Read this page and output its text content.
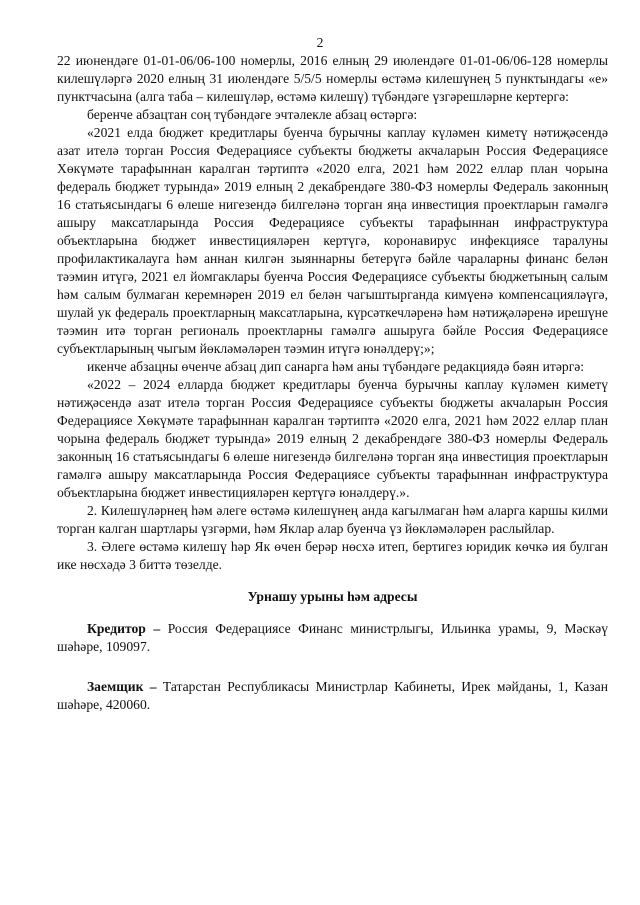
2

22 июнендәге 01-01-06/06-100 номерлы, 2016 елның 29 июлендәге 01-01-06/06-128 номерлы килешүләргә 2020 елның 31 июлендәге 5/5/5 номерлы өстәмә килешүнең 5 пунктындагы «е» пунктчасына (алга таба – килешүләр, өстәмә килешү) түбәндәге үзгәрешләрне кертергә:

беренче абзацтан соң түбәндәге эчтәлекле абзац өстәргә:

«2021 елда бюджет кредитлары буенча бурычны каплау күләмен киметү нәтиҗәсендә азат ителә торган Россия Федерациясе субъекты бюджеты акчаларын Россия Федерациясе Хөкүмәте тарафыннан каралган тәртиптә «2020 елга, 2021 һәм 2022 еллар план чорына федераль бюджет турында» 2019 елның 2 декабрендәге 380-ФЗ номерлы Федераль законның 16 статьясындагы 6 өлеше нигезендә билгеләнә торган яңа инвестиция проектларын гамәлгә ашыру максатларында Россия Федерациясе субъекты тарафыннан инфраструктура объектларына бюджет инвестицияләрен кертүгә, коронавирус инфекциясе таралуны профилактикалауга һәм аннан килгән зыяннарны бетерүгә бәйле чараларны финанс белән тәэмин итүгә, 2021 ел йомгаклары буенча Россия Федерациясе субъекты бюджетының салым һәм салым булмаган керемнәрен 2019 ел белән чагыштырганда кимүенә компенсацияләүгә, шулай ук федераль проектларның максатларына, күрсәткечләренә һәм нәтиҗәләренә ирешүне тәэмин итә торган региональ проектларны гамәлгә ашыруга бәйле Россия Федерациясе субъектларының чыгым йөкләмәләрен тәэмин итүгә юнәлдерү;»;

икенче абзацны өченче абзац дип санарга һәм аны түбәндәге редакциядә бәян итәргә:

«2022 – 2024 елларда бюджет кредитлары буенча бурычны каплау күләмен киметү нәтиҗәсендә азат ителә торган Россия Федерациясе субъекты бюджеты акчаларын Россия Федерациясе Хөкүмәте тарафыннан каралган тәртиптә «2020 елга, 2021 һәм 2022 еллар план чорына федераль бюджет турында» 2019 елның 2 декабрендәге 380-ФЗ номерлы Федераль законның 16 статьясындагы 6 өлеше нигезендә билгеләнә торган яңа инвестиция проектларын гамәлгә ашыру максатларында Россия Федерациясе субъекты тарафыннан инфраструктура объектларына бюджет инвестицияләрен кертүгә юнәлдерү.».

2. Килешүләрнең һәм әлеге өстәмә килешүнең анда кагылмаган һәм аларга каршы килми торган калган шартлары үзгәрми, һәм Яклар алар буенча үз йөкләмәләрен раслыйлар.

3. Әлеге өстәмә килешү һәр Як өчен берәр нөсхә итеп, бертигез юридик көчкә ия булган ике нөсхәдә 3 биттә төзелде.

Урнашу урыны һәм адресы

Кредитор – Россия Федерациясе Финанс министрлыгы, Ильинка урамы, 9, Мәскәү шәһәре, 109097.

Заемщик – Татарстан Республикасы Министрлар Кабинеты, Ирек мәйданы, 1, Казан шәһәре, 420060.
